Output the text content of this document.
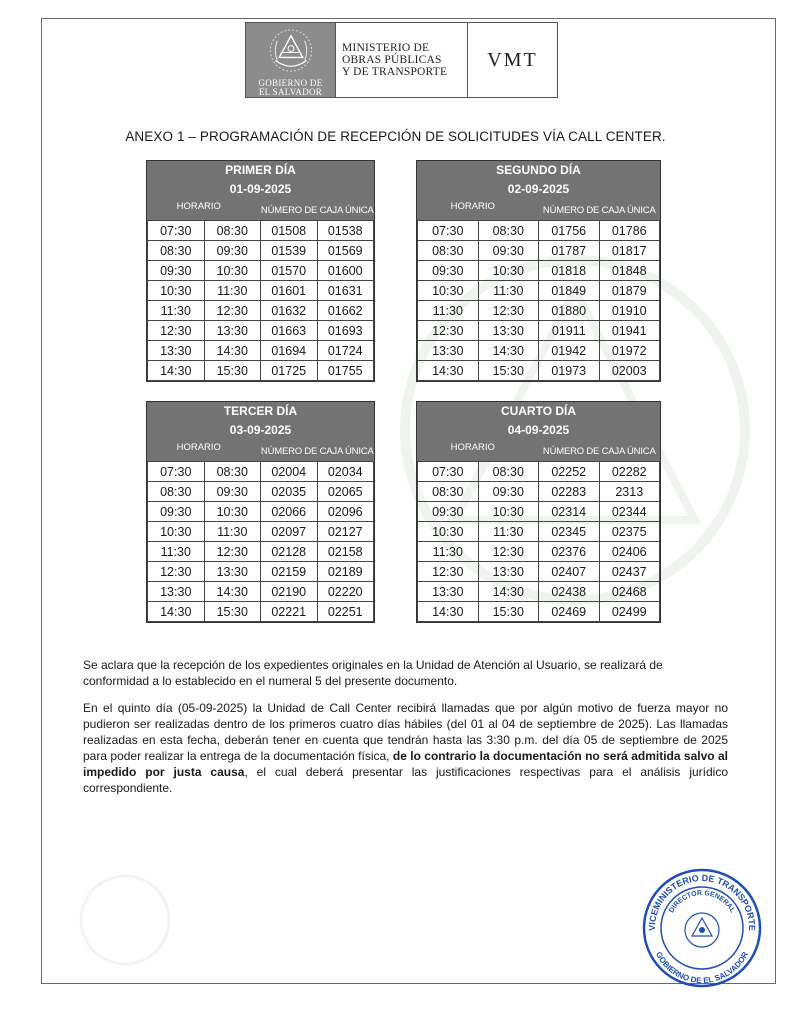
GOBIERNO DE
EL SALVADOR
MINISTERIO DE
OBRAS PÚBLICAS
Y DE TRANSPORTE
VMT
ANEXO 1 – PROGRAMACIÓN DE RECEPCIÓN DE SOLICITUDES VÍA CALL CENTER.
PRIMER DÍA
01-09-2025
HORARIO	NÚMERO DE CAJA ÚNICA
07:30	08:30	01508	01538
08:30	09:30	01539	01569
09:30	10:30	01570	01600
10:30	11:30	01601	01631
11:30	12:30	01632	01662
12:30	13:30	01663	01693
13:30	14:30	01694	01724
14:30	15:30	01725	01755
SEGUNDO DÍA
02-09-2025
HORARIO	NÚMERO DE CAJA ÚNICA
07:30	08:30	01756	01786
08:30	09:30	01787	01817
09:30	10:30	01818	01848
10:30	11:30	01849	01879
11:30	12:30	01880	01910
12:30	13:30	01911	01941
13:30	14:30	01942	01972
14:30	15:30	01973	02003
TERCER DÍA
03-09-2025
HORARIO	NÚMERO DE CAJA ÚNICA
07:30	08:30	02004	02034
08:30	09:30	02035	02065
09:30	10:30	02066	02096
10:30	11:30	02097	02127
11:30	12:30	02128	02158
12:30	13:30	02159	02189
13:30	14:30	02190	02220
14:30	15:30	02221	02251
CUARTO DÍA
04-09-2025
HORARIO	NÚMERO DE CAJA ÚNICA
07:30	08:30	02252	02282
08:30	09:30	02283	2313
09:30	10:30	02314	02344
10:30	11:30	02345	02375
11:30	12:30	02376	02406
12:30	13:30	02407	02437
13:30	14:30	02438	02468
14:30	15:30	02469	02499
Se aclara que la recepción de los expedientes originales en la Unidad de Atención al Usuario, se realizará de conformidad a lo establecido en el numeral 5 del presente documento.
En el quinto día (05-09-2025) la Unidad de Call Center recibirá llamadas que por algún motivo de fuerza mayor no pudieron ser realizadas dentro de los primeros cuatro días hábiles (del 01 al 04 de septiembre de 2025). Las llamadas realizadas en esta fecha, deberán tener en cuenta que tendrán hasta las 3:30 p.m. del día 05 de septiembre de 2025 para poder realizar la entrega de la documentación física, de lo contrario la documentación no será admitida salvo al impedido por justa causa, el cual deberá presentar las justificaciones respectivas para el análisis jurídico correspondiente.
VICEMINISTERIO DE TRANSPORTE
DIRECTOR GENERAL
GOBIERNO DE EL SALVADOR
